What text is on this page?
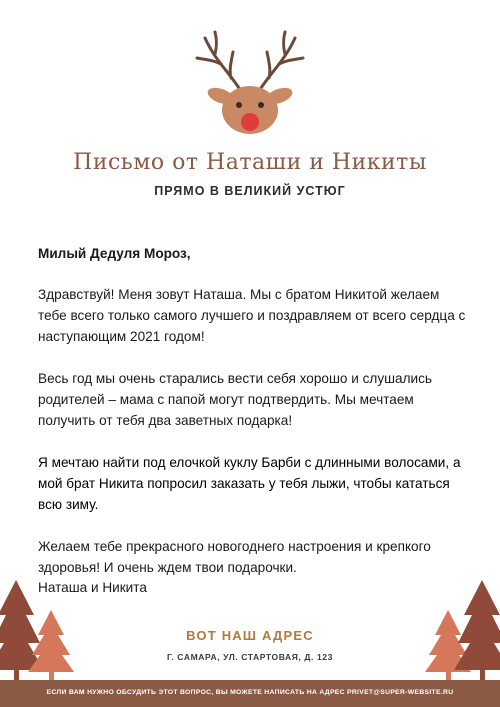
Письмо от Наташи и Никиты
ПРЯМО В ВЕЛИКИЙ УСТЮГ

Милый Дедуля Мороз,

Здравствуй! Меня зовут Наташа. Мы с братом Никитой желаем тебе всего только самого лучшего и поздравляем от всего сердца с наступающим 2021 годом!

Весь год мы очень старались вести себя хорошо и слушались родителей – мама с папой могут подтвердить. Мы мечтаем получить от тебя два заветных подарка!

Я мечтаю найти под елочкой куклу Барби с длинными волосами, а мой брат Никита попросил заказать у тебя лыжи, чтобы кататься всю зиму.

Желаем тебе прекрасного новогоднего настроения и крепкого здоровья! И очень ждем твои подарочки.

Наташа и Никита
ВОТ НАШ АДРЕС
Г. САМАРА, УЛ. СТАРТОВАЯ, Д. 123
ЕСЛИ ВАМ НУЖНО ОБСУДИТЬ ЭТОТ ВОПРОС, ВЫ МОЖЕТЕ НАПИСАТЬ НА АДРЕС PRIVET@SUPER-WEBSITE.RU
